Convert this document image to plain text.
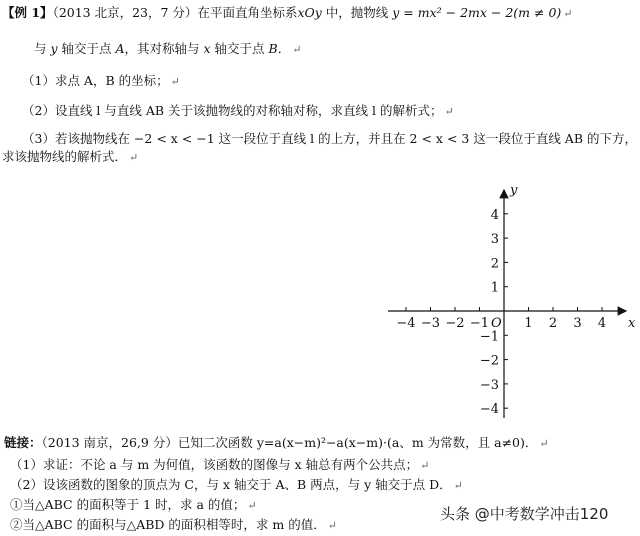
【例 1】（2013 北京，23，7 分）在平面直角坐标系xOy 中，抛物线 y = mx² − 2mx − 2(m ≠ 0) ↵
与 y 轴交于点 A，其对称轴与 x 轴交于点 B． ↵
（1）求点 A，B 的坐标； ↵
（2）设直线 l 与直线 AB 关于该抛物线的对称轴对称，求直线 l 的解析式； ↵
（3）若该抛物线在 −2 < x < −1 这一段位于直线 l 的上方，并且在 2 < x < 3 这一段位于直线 AB 的下方，
求该抛物线的解析式． ↵
−4 −3 −2 −1	1 2 3 4
4
3
2
1
−1
−2
−3
−4
x
y
O
链接：（2013 南京，26,9 分）已知二次函数 y=a(x−m)²−a(x−m)·(a、m 为常数，且 a≠0)． ↵
（1）求证：不论 a 与 m 为何值，该函数的图像与 x 轴总有两个公共点； ↵
（2）设该函数的图象的顶点为 C，与 x 轴交于 A、B 两点，与 y 轴交于点 D． ↵
①当△ABC 的面积等于 1 时，求 a 的值； ↵
②当△ABC 的面积与△ABD 的面积相等时，求 m 的值． ↵
头条 @中考数学冲击120
